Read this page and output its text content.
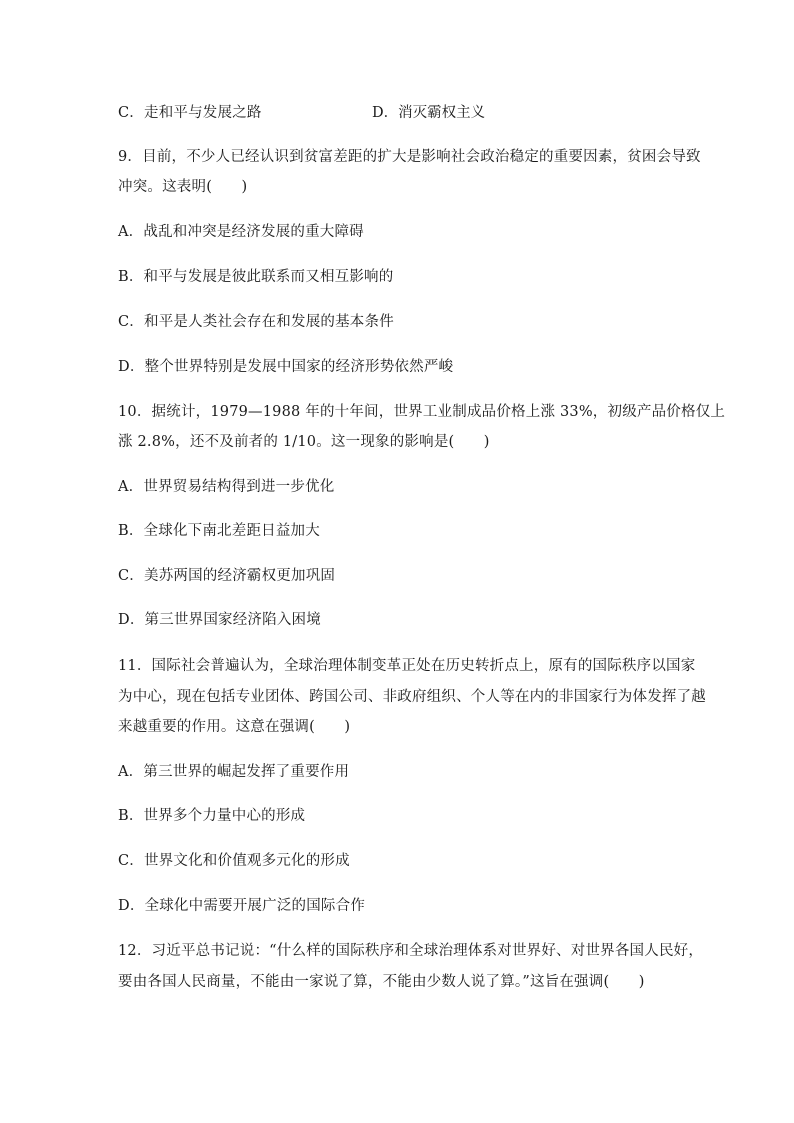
C．走和平与发展之路	D．消灭霸权主义
9．目前，不少人已经认识到贫富差距的扩大是影响社会政治稳定的重要因素，贫困会导致
冲突。这表明(　　)
A．战乱和冲突是经济发展的重大障碍
B．和平与发展是彼此联系而又相互影响的
C．和平是人类社会存在和发展的基本条件
D．整个世界特别是发展中国家的经济形势依然严峻
10．据统计，1979—1988 年的十年间，世界工业制成品价格上涨 33%，初级产品价格仅上
涨 2.8%，还不及前者的 1/10。这一现象的影响是(　　)
A．世界贸易结构得到进一步优化
B．全球化下南北差距日益加大
C．美苏两国的经济霸权更加巩固
D．第三世界国家经济陷入困境
11．国际社会普遍认为，全球治理体制变革正处在历史转折点上，原有的国际秩序以国家
为中心，现在包括专业团体、跨国公司、非政府组织、个人等在内的非国家行为体发挥了越
来越重要的作用。这意在强调(　　)
A．第三世界的崛起发挥了重要作用
B．世界多个力量中心的形成
C．世界文化和价值观多元化的形成
D．全球化中需要开展广泛的国际合作
12．习近平总书记说：“什么样的国际秩序和全球治理体系对世界好、对世界各国人民好，
要由各国人民商量，不能由一家说了算，不能由少数人说了算。”这旨在强调(　　)
